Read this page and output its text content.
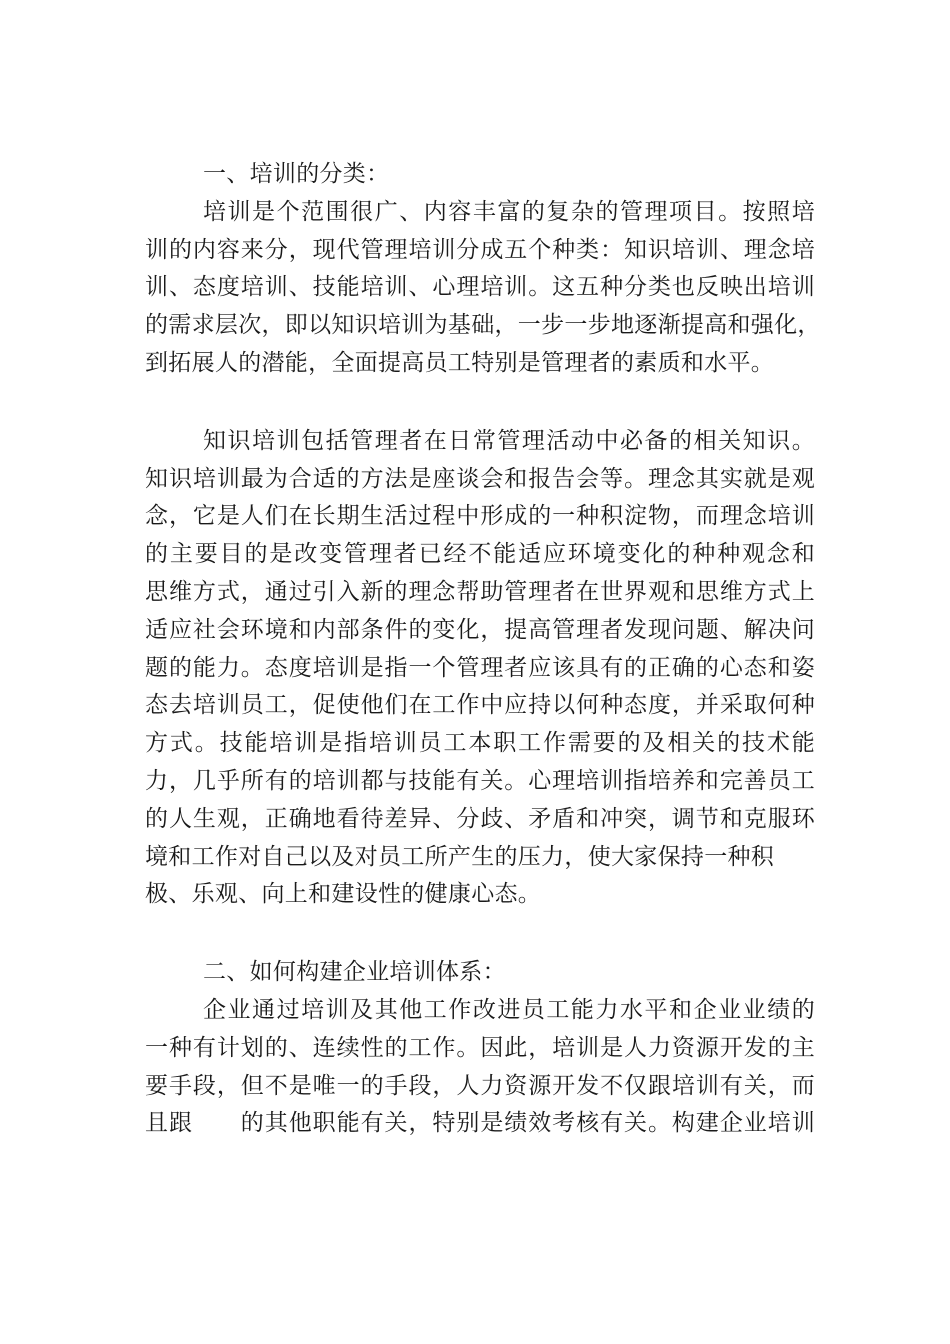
一、培训的分类：
培训是个范围很广、内容丰富的复杂的管理项目。按照培
训的内容来分，现代管理培训分成五个种类：知识培训、理念培
训、态度培训、技能培训、心理培训。这五种分类也反映出培训
的需求层次，即以知识培训为基础，一步一步地逐渐提高和强化，
到拓展人的潜能，全面提高员工特别是管理者的素质和水平。
知识培训包括管理者在日常管理活动中必备的相关知识。
知识培训最为合适的方法是座谈会和报告会等。理念其实就是观
念，它是人们在长期生活过程中形成的一种积淀物，而理念培训
的主要目的是改变管理者已经不能适应环境变化的种种观念和
思维方式，通过引入新的理念帮助管理者在世界观和思维方式上
适应社会环境和内部条件的变化，提高管理者发现问题、解决问
题的能力。态度培训是指一个管理者应该具有的正确的心态和姿
态去培训员工，促使他们在工作中应持以何种态度，并采取何种
方式。技能培训是指培训员工本职工作需要的及相关的技术能
力，几乎所有的培训都与技能有关。心理培训指培养和完善员工
的人生观，正确地看待差异、分歧、矛盾和冲突，调节和克服环
境和工作对自己以及对员工所产生的压力，使大家保持一种积
极、乐观、向上和建设性的健康心态。
二、如何构建企业培训体系：
企业通过培训及其他工作改进员工能力水平和企业业绩的
一种有计划的、连续性的工作。因此，培训是人力资源开发的主
要手段，但不是唯一的手段，人力资源开发不仅跟培训有关，而
且跟　　的其他职能有关，特别是绩效考核有关。构建企业培训
